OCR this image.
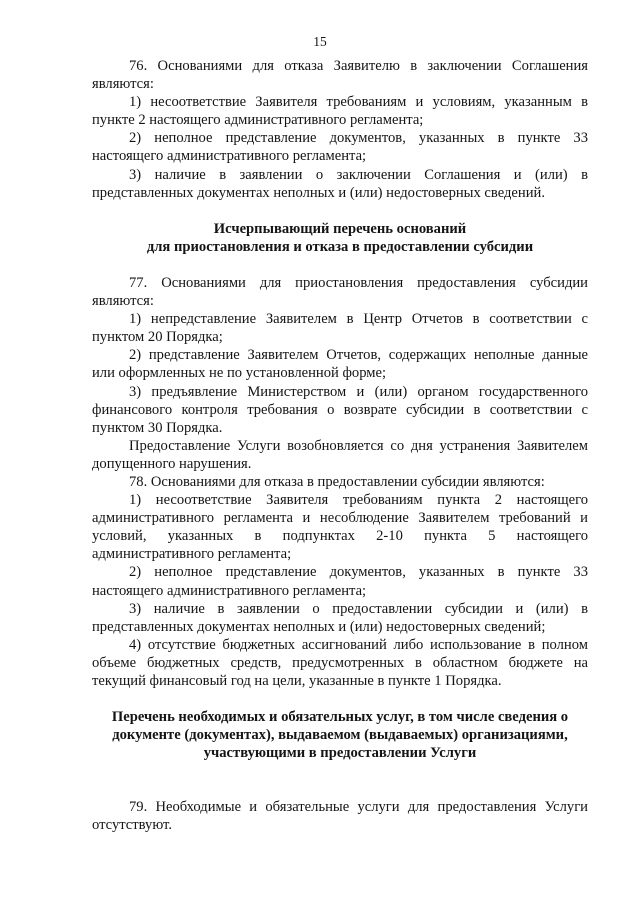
15

76. Основаниями для отказа Заявителю в заключении Соглашения являются:

1) несоответствие Заявителя требованиям и условиям, указанным в пункте 2 настоящего административного регламента;

2) неполное представление документов, указанных в пункте 33 настоящего административного регламента;

3) наличие в заявлении о заключении Соглашения и (или) в представленных документах неполных и (или) недостоверных сведений.

Исчерпывающий перечень оснований

для приостановления и отказа в предоставлении субсидии

77. Основаниями для приостановления предоставления субсидии являются:

1) непредставление Заявителем в Центр Отчетов в соответствии с пунктом 20 Порядка;

2) представление Заявителем Отчетов, содержащих неполные данные или оформленных не по установленной форме;

3) предъявление Министерством и (или) органом государственного финансового контроля требования о возврате субсидии в соответствии с пунктом 30 Порядка.

Предоставление Услуги возобновляется со дня устранения Заявителем допущенного нарушения.

78. Основаниями для отказа в предоставлении субсидии являются:

1) несоответствие Заявителя требованиям пункта 2 настоящего административного регламента и несоблюдение Заявителем требований и условий, указанных в подпунктах 2-10 пункта 5 настоящего административного регламента;

2) неполное представление документов, указанных в пункте 33 настоящего административного регламента;

3) наличие в заявлении о предоставлении субсидии и (или) в представленных документах неполных и (или) недостоверных сведений;

4) отсутствие бюджетных ассигнований либо использование в полном объеме бюджетных средств, предусмотренных в областном бюджете на текущий финансовый год на цели, указанные в пункте 1 Порядка.

Перечень необходимых и обязательных услуг, в том числе сведения о документе (документах), выдаваемом (выдаваемых) организациями, участвующими в предоставлении Услуги

79. Необходимые и обязательные услуги для предоставления Услуги отсутствуют.
